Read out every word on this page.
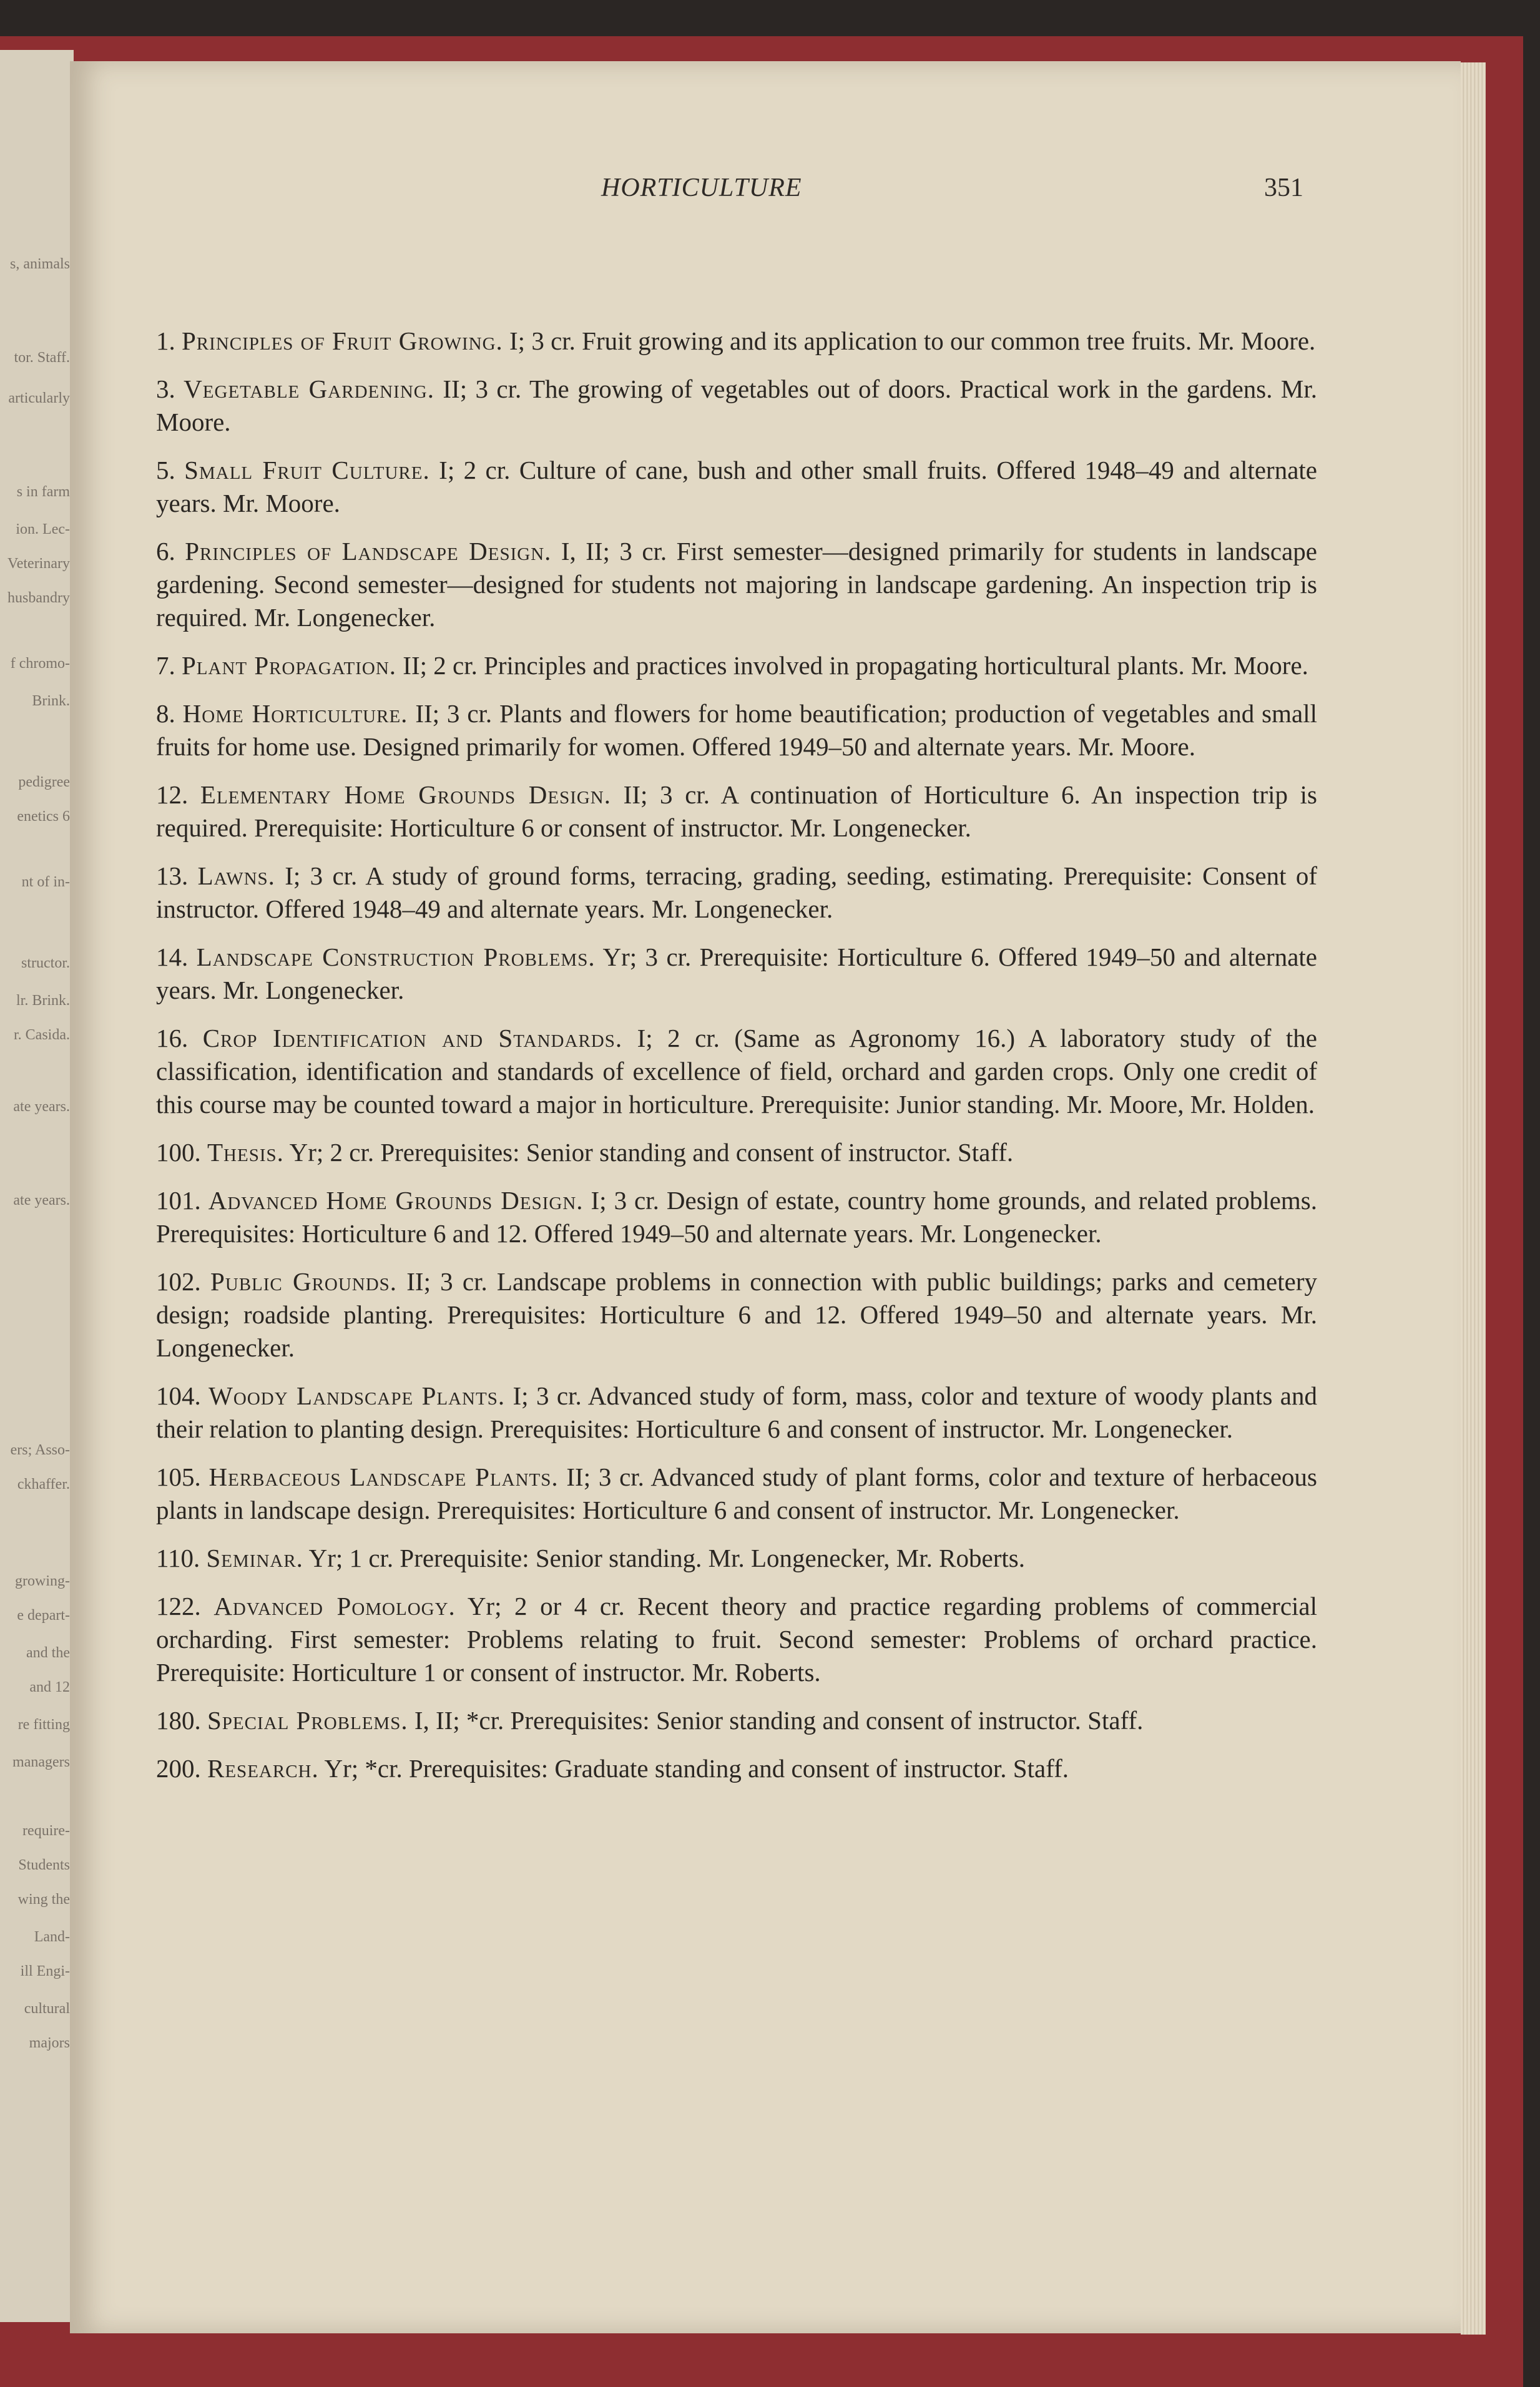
s, animals
tor. Staff.
articularly
s in farm
ion. Lec-
Veterinary
husbandry
f chromo-
Brink.
pedigree
enetics 6
nt of in-
structor.
lr. Brink.
r. Casida.
ate years.
ate years.
ers; Asso-
ckhaffer.
growing-
e depart-
and the
and 12
re fitting
managers
require-
Students
wing the
Land-
ill Engi-
cultural
majors
HORTICULTURE	351

1. Principles of Fruit Growing. I; 3 cr. Fruit growing and its application to our common tree fruits. Mr. Moore.

3. Vegetable Gardening. II; 3 cr. The growing of vegetables out of doors. Practical work in the gardens. Mr. Moore.

5. Small Fruit Culture. I; 2 cr. Culture of cane, bush and other small fruits. Offered 1948–49 and alternate years. Mr. Moore.

6. Principles of Landscape Design. I, II; 3 cr. First semester—designed primarily for students in landscape gardening. Second semester—designed for students not majoring in landscape gardening. An inspection trip is required. Mr. Longenecker.

7. Plant Propagation. II; 2 cr. Principles and practices involved in propagating horticultural plants. Mr. Moore.

8. Home Horticulture. II; 3 cr. Plants and flowers for home beautification; production of vegetables and small fruits for home use. Designed primarily for women. Offered 1949–50 and alternate years. Mr. Moore.

12. Elementary Home Grounds Design. II; 3 cr. A continuation of Horticulture 6. An inspection trip is required. Prerequisite: Horticulture 6 or consent of instructor. Mr. Longenecker.

13. Lawns. I; 3 cr. A study of ground forms, terracing, grading, seeding, estimating. Prerequisite: Consent of instructor. Offered 1948–49 and alternate years. Mr. Longenecker.

14. Landscape Construction Problems. Yr; 3 cr. Prerequisite: Horticulture 6. Offered 1949–50 and alternate years. Mr. Longenecker.

16. Crop Identification and Standards. I; 2 cr. (Same as Agronomy 16.) A laboratory study of the classification, identification and standards of excellence of field, orchard and garden crops. Only one credit of this course may be counted toward a major in horticulture. Prerequisite: Junior standing. Mr. Moore, Mr. Holden.

100. Thesis. Yr; 2 cr. Prerequisites: Senior standing and consent of instructor. Staff.

101. Advanced Home Grounds Design. I; 3 cr. Design of estate, country home grounds, and related problems. Prerequisites: Horticulture 6 and 12. Offered 1949–50 and alternate years. Mr. Longenecker.

102. Public Grounds. II; 3 cr. Landscape problems in connection with public buildings; parks and cemetery design; roadside planting. Prerequisites: Horticulture 6 and 12. Offered 1949–50 and alternate years. Mr. Longenecker.

104. Woody Landscape Plants. I; 3 cr. Advanced study of form, mass, color and texture of woody plants and their relation to planting design. Prerequisites: Horticulture 6 and consent of instructor. Mr. Longenecker.

105. Herbaceous Landscape Plants. II; 3 cr. Advanced study of plant forms, color and texture of herbaceous plants in landscape design. Prerequisites: Horticulture 6 and consent of instructor. Mr. Longenecker.

110. Seminar. Yr; 1 cr. Prerequisite: Senior standing. Mr. Longenecker, Mr. Roberts.

122. Advanced Pomology. Yr; 2 or 4 cr. Recent theory and practice regarding problems of commercial orcharding. First semester: Problems relating to fruit. Second semester: Problems of orchard practice. Prerequisite: Horticulture 1 or consent of instructor. Mr. Roberts.

180. Special Problems. I, II; *cr. Prerequisites: Senior standing and consent of instructor. Staff.

200. Research. Yr; *cr. Prerequisites: Graduate standing and consent of instructor. Staff.
